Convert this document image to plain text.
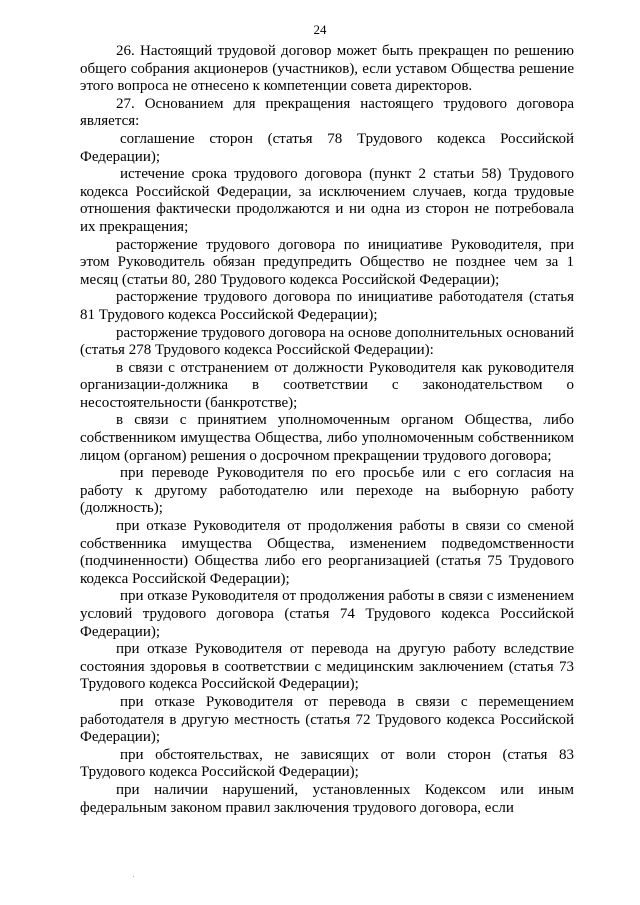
24

26. Настоящий трудовой договор может быть прекращен по решению общего собрания акционеров (участников), если уставом Общества решение этого вопроса не отнесено к компетенции совета директоров.

27. Основанием для прекращения настоящего трудового договора является:

соглашение сторон (статья 78 Трудового кодекса Российской Федерации);

истечение срока трудового договора (пункт 2 статьи 58) Трудового кодекса Российской Федерации, за исключением случаев, когда трудовые отношения фактически продолжаются и ни одна из сторон не потребовала их прекращения;

расторжение трудового договора по инициативе Руководителя, при этом Руководитель обязан предупредить Общество не позднее чем за 1 месяц (статьи 80, 280 Трудового кодекса Российской Федерации);

расторжение трудового договора по инициативе работодателя (статья 81 Трудового кодекса Российской Федерации);

расторжение трудового договора на основе дополнительных оснований (статья 278 Трудового кодекса Российской Федерации):

в связи с отстранением от должности Руководителя как руководителя организации-должника в соответствии с законодательством о несостоятельности (банкротстве);

в связи с принятием уполномоченным органом Общества, либо собственником имущества Общества, либо уполномоченным собственником лицом (органом) решения о досрочном прекращении трудового договора;

при переводе Руководителя по его просьбе или с его согласия на работу к другому работодателю или переходе на выборную работу (должность);

при отказе Руководителя от продолжения работы в связи со сменой собственника имущества Общества, изменением подведомственности (подчиненности) Общества либо его реорганизацией (статья 75 Трудового кодекса Российской Федерации);

при отказе Руководителя от продолжения работы в связи с изменением условий трудового договора (статья 74 Трудового кодекса Российской Федерации);

при отказе Руководителя от перевода на другую работу вследствие состояния здоровья в соответствии с медицинским заключением (статья 73 Трудового кодекса Российской Федерации);

при отказе Руководителя от перевода в связи с перемещением работодателя в другую местность (статья 72 Трудового кодекса Российской Федерации);

при обстоятельствах, не зависящих от воли сторон (статья 83 Трудового кодекса Российской Федерации);

при наличии нарушений, установленных Кодексом или иным федеральным законом правил заключения трудового договора, если
